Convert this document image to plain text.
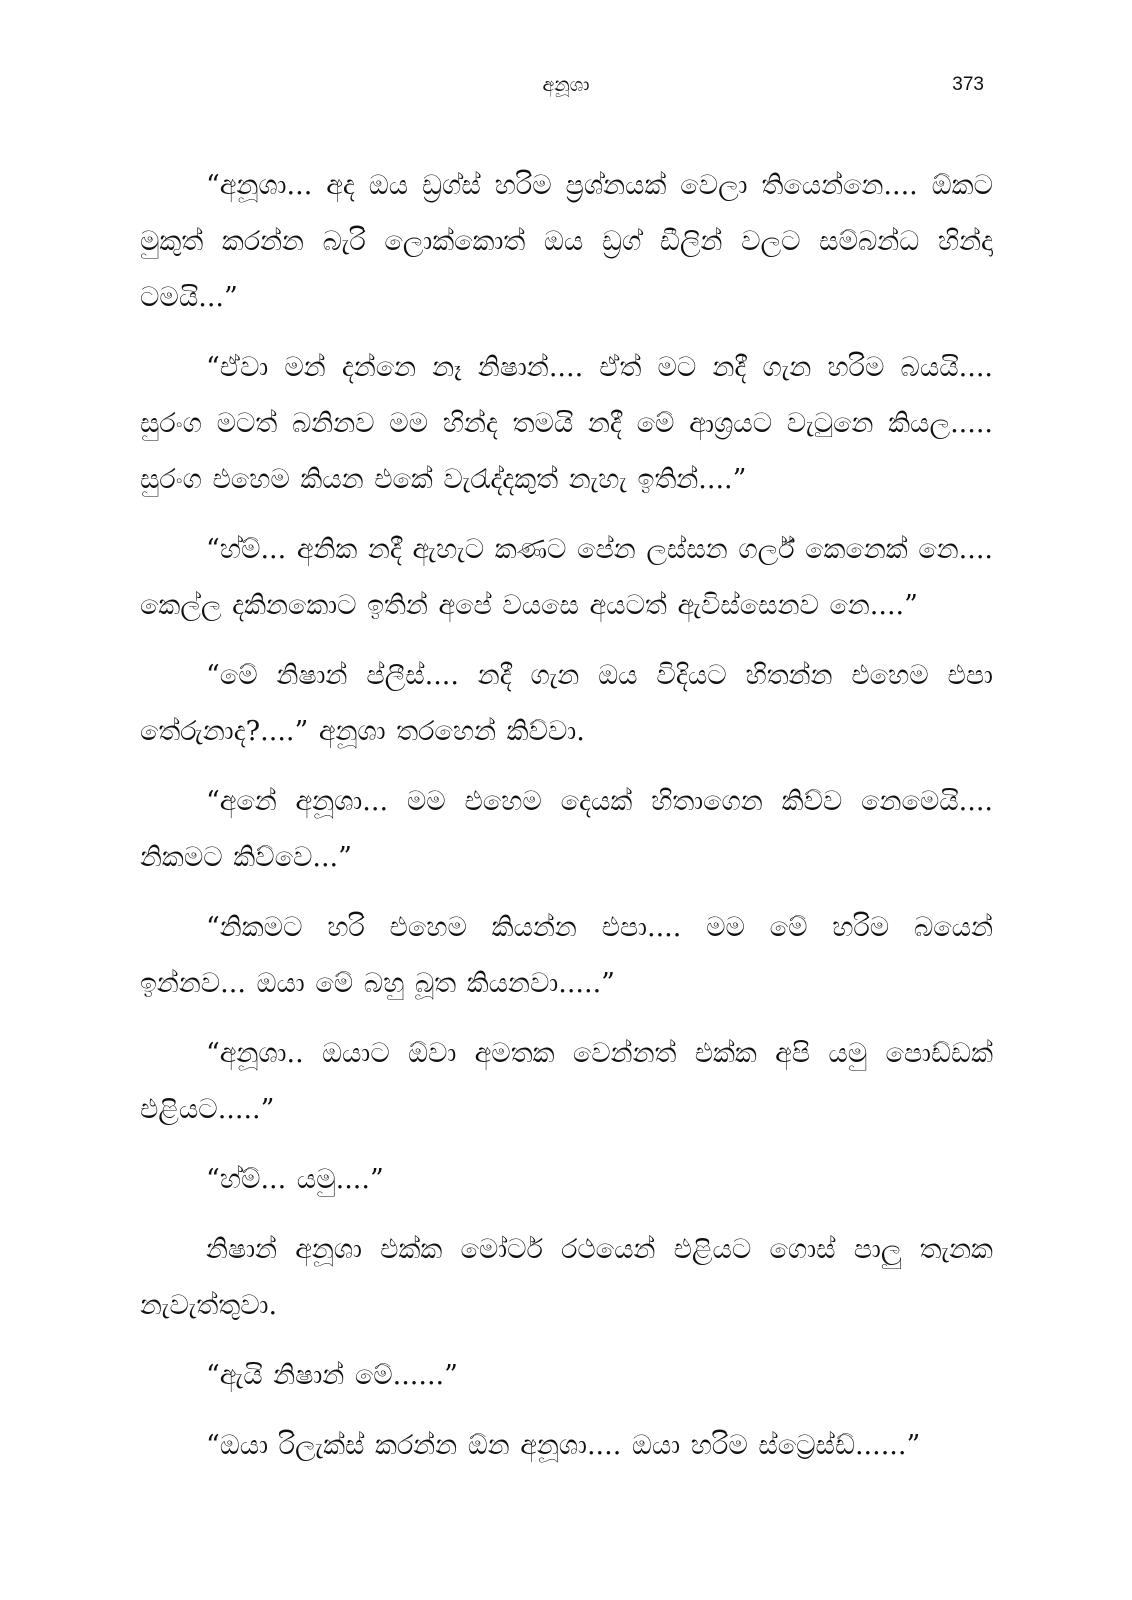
අනූශා	373

“අනූශා... අද ඔය ඩ්‍රග්ස් හරිම ප්‍රශ්නයක් වෙලා තියෙන්නෙ.... ඕකට මුකුත් කරන්න බැරි ලොක්කොත් ඔය ඩ්‍රග් ඩීලින් වලට සම්බන්ධ හින්දා ටමයි...”

“ඒවා මන් දන්නෙ නෑ නිෂාන්.... ඒත් මට නදී ගැන හරිම බයයි.... සුරංග මටත් බනිනව මම හින්ද තමයි නදී මේ ආශ්‍රයට වැටුනෙ කියල..... සුරංග එහෙම කියන එකේ වැරැද්දකුත් නැහැ ඉතින්....”

“හ්ම්... අනික නදී ඇහැට කණට පේන ලස්සන ගර්ල් කෙනෙක් නෙ.... කෙල්ල දකිනකොට ඉතින් අපේ වයසෙ අයටත් ඇවිස්සෙනව නෙ....”

“මේ නිෂාන් ප්ලීස්.... නදී ගැන ඔය විදියට හිතන්න එහෙම එපා තේරුනාද?....” අනූශා තරහෙන් කිව්වා.

“අනේ අනූශා... මම එහෙම දෙයක් හිතාගෙන කිව්ව නෙමෙයි.... නිකමට කිව්වෙ...”

“නිකමට හරි එහෙම කියන්න එපා.... මම මේ හරිම බයෙන් ඉන්නව... ඔයා මේ බහු බූත කියනවා.....”

“අනූශා.. ඔයාට ඕවා අමතක වෙන්නත් එක්ක අපි යමු පොඩ්ඩක් එළියට.....”

“හ්ම්... යමු....”

නිෂාන් අනූශා එක්ක මෝටර් රථයෙන් එළියට ගොස් පාලු තැනක නැවැත්තුවා.

“ඇයි නිෂාන් මේ......”

“ඔයා රිලැක්ස් කරන්න ඕන අනූශා.... ඔයා හරිම ස්ට්‍රෙස්ඩ්......”
